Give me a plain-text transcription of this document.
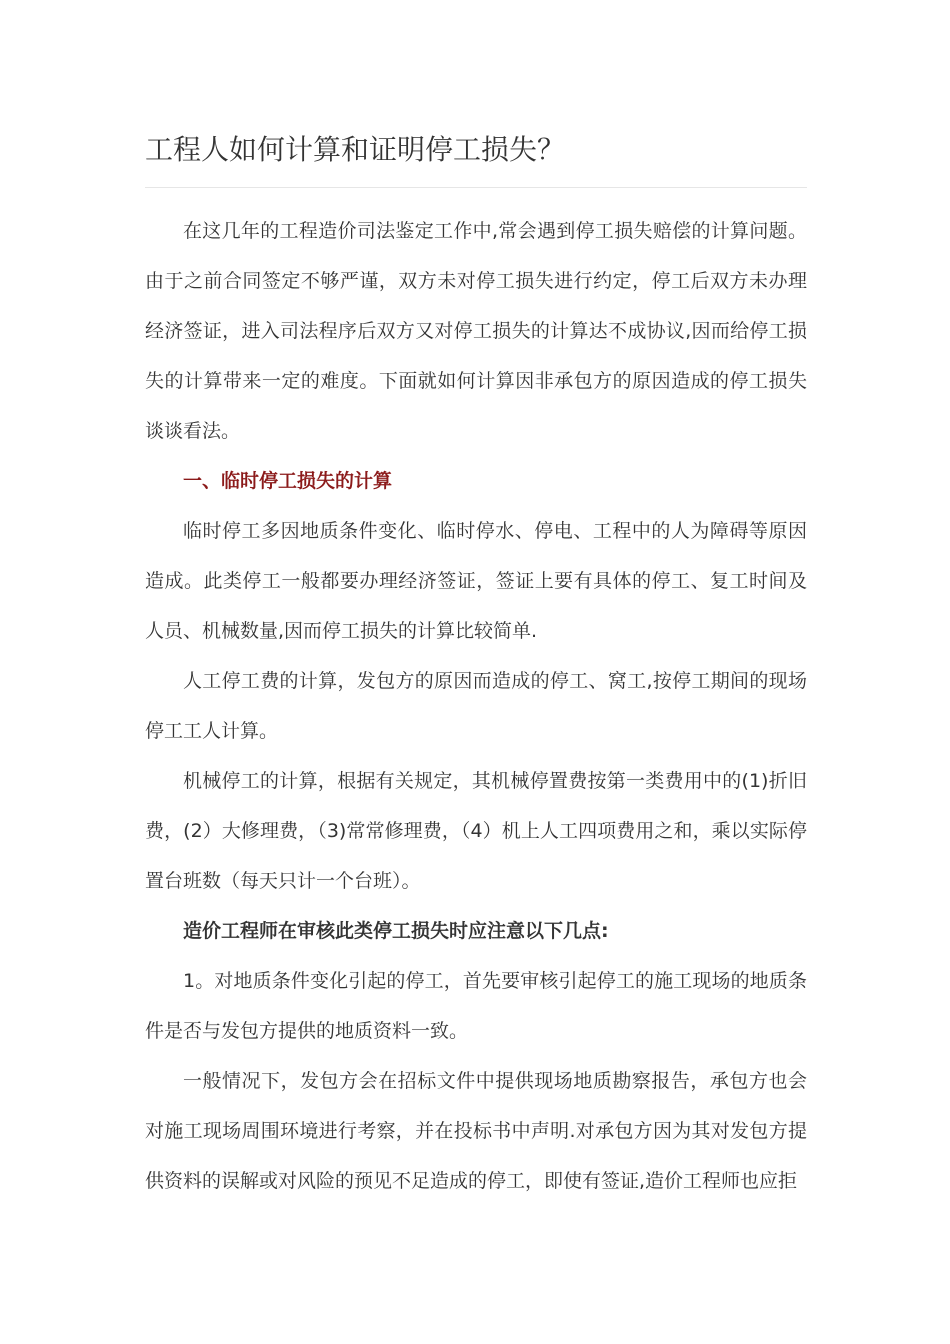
工程人如何计算和证明停工损失？

在这几年的工程造价司法鉴定工作中,常会遇到停工损失赔偿的计算问题。由于之前合同签定不够严谨，双方未对停工损失进行约定，停工后双方未办理经济签证，进入司法程序后双方又对停工损失的计算达不成协议,因而给停工损失的计算带来一定的难度。下面就如何计算因非承包方的原因造成的停工损失谈谈看法。

一、临时停工损失的计算

临时停工多因地质条件变化、临时停水、停电、工程中的人为障碍等原因造成。此类停工一般都要办理经济签证，签证上要有具体的停工、复工时间及人员、机械数量,因而停工损失的计算比较简单.

人工停工费的计算，发包方的原因而造成的停工、窝工,按停工期间的现场停工工人计算。

机械停工的计算，根据有关规定，其机械停置费按第一类费用中的(1)折旧费，(2）大修理费，（3)常常修理费，（4）机上人工四项费用之和，乘以实际停置台班数（每天只计一个台班）。

造价工程师在审核此类停工损失时应注意以下几点:

1。对地质条件变化引起的停工，首先要审核引起停工的施工现场的地质条件是否与发包方提供的地质资料一致。

一般情况下，发包方会在招标文件中提供现场地质勘察报告，承包方也会对施工现场周围环境进行考察，并在投标书中声明.对承包方因为其对发包方提供资料的误解或对风险的预见不足造成的停工，即使有签证,造价工程师也应拒
